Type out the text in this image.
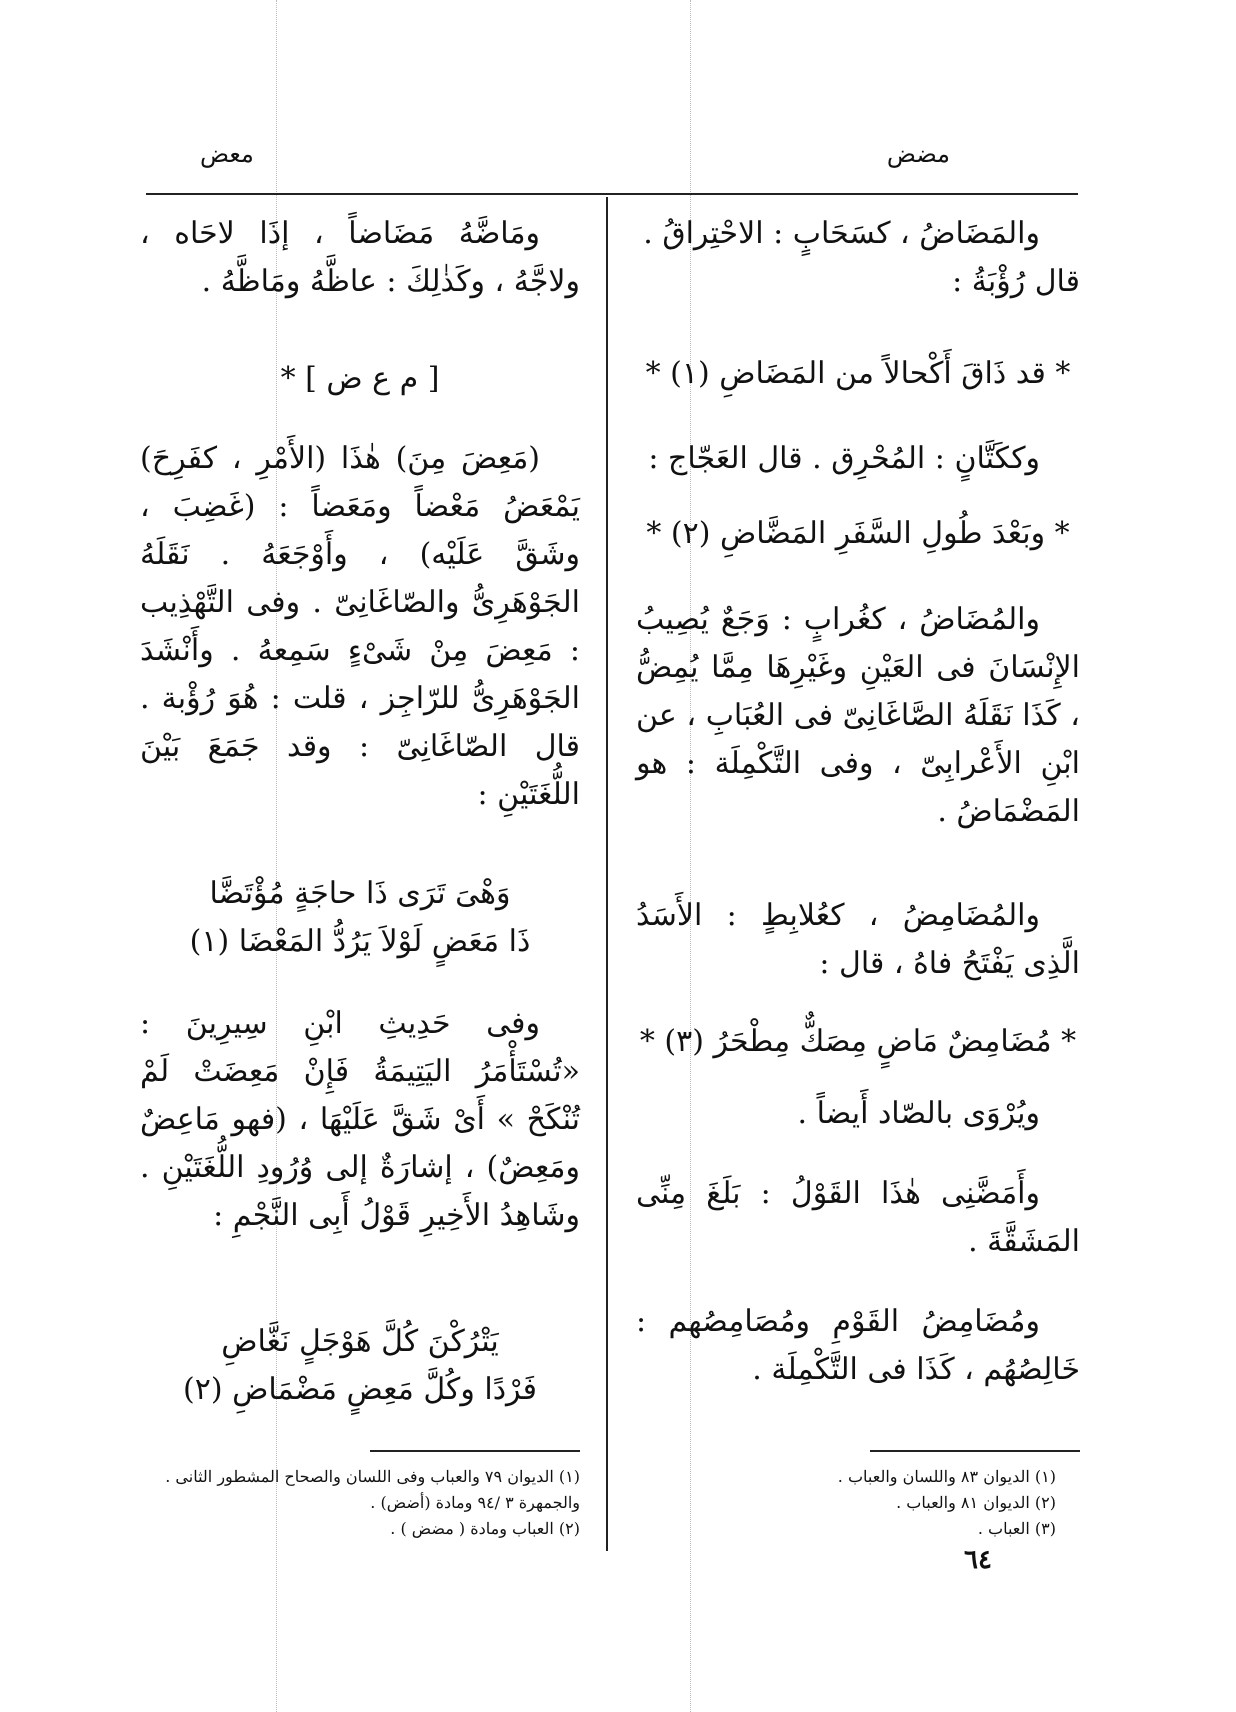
مضض
معض

والمَضَاضُ ، كسَحَابٍ : الاحْتِراقُ .

قال رُؤْبَةُ :

* قد ذَاقَ أَكْحالاً من المَضَاضِ (١) *

وككَتَّانٍ : المُحْرِق . قال العَجّاج :

* وبَعْدَ طُولِ السَّفَرِ المَضَّاضِ (٢) *

والمُضَاضُ ، كغُرابٍ : وَجَعٌ يُصِيبُ الإِنْسَانَ فى العَيْنِ وغَيْرِهَا مِمَّا يُمِضُّ ، كَذَا نَقَلَهُ الصَّاغَانِىّ فى العُبَابِ ، عن ابْنِ الأَعْرابِىّ ، وفى التَّكْمِلَة : هو المَضْمَاضُ .

والمُضَامِضُ ، كعُلابِطٍ : الأَسَدُ الَّذِى يَفْتَحُ فاهُ ، قال :

* مُضَامِضٌ مَاضٍ مِصَكٌّ مِطْحَرُ (٣) *

ويُرْوَى بالصّاد أَيضاً .

وأَمَضَّنِى هٰذَا القَوْلُ : بَلَغَ مِنِّى المَشَقَّةَ .

ومُضَامِضُ القَوْمِ ومُصَامِصُهم : خَالِصُهُم ، كَذَا فى التَّكْمِلَة .

(١) الديوان ٨٣ واللسان والعباب .
(٢) الديوان ٨١ والعباب .
(٣) العباب .

ومَاضَّهُ مَضَاضاً ، إذَا لاحَاه ، ولاجَّهُ ، وكَذٰلِكَ : عاظَّهُ ومَاظَّهُ .

[ م ع ض ] *

(مَعِضَ مِنَ) هٰذَا (الأَمْرِ ، كفَرِحَ) يَمْعَضُ مَعْضاً ومَعَضاً : (غَضِبَ ، وشَقَّ عَلَيْه) ، وأَوْجَعَهُ . نَقَلَهُ الجَوْهَرِىُّ والصّاغَانِىّ . وفى التَّهْذِيب : مَعِضَ مِنْ شَىْءٍ سَمِعهُ . وأَنْشَدَ الجَوْهَرِىُّ للرّاجِز ، قلت : هُوَ رُؤْبة . قال الصّاغَانِىّ : وقد جَمَعَ بَيْنَ اللُّغَتَيْنِ :

وَهْىَ تَرَى ذَا حاجَةٍ مُؤْتَضَّا

ذَا مَعَضٍ لَوْلاَ يَرُدُّ المَعْضَا (١)

وفى حَدِيثِ ابْنِ سِيرِينَ : «تُسْتَأْمَرُ اليَتِيمَةُ فَإِنْ مَعِضَتْ لَمْ تُنْكَحْ » أَىْ شَقَّ عَلَيْهَا ، (فهو مَاعِضٌ ومَعِضٌ) ، إشارَةٌ إلى وُرُودِ اللُّغَتَيْنِ . وشَاهِدُ الأَخِيرِ قَوْلُ أَبِى النَّجْمِ :

يَتْرُكْنَ كُلَّ هَوْجَلٍ نَغَّاضِ

فَرْدًا وكُلَّ مَعِضٍ مَضْمَاضِ (٢)

(١) الديوان ٧٩ والعباب وفى اللسان والصحاح المشطور الثانى . والجمهرة ٣ /٩٤ ومادة (أضض) .
(٢) العباب ومادة ( مضض ) .
٦٤
